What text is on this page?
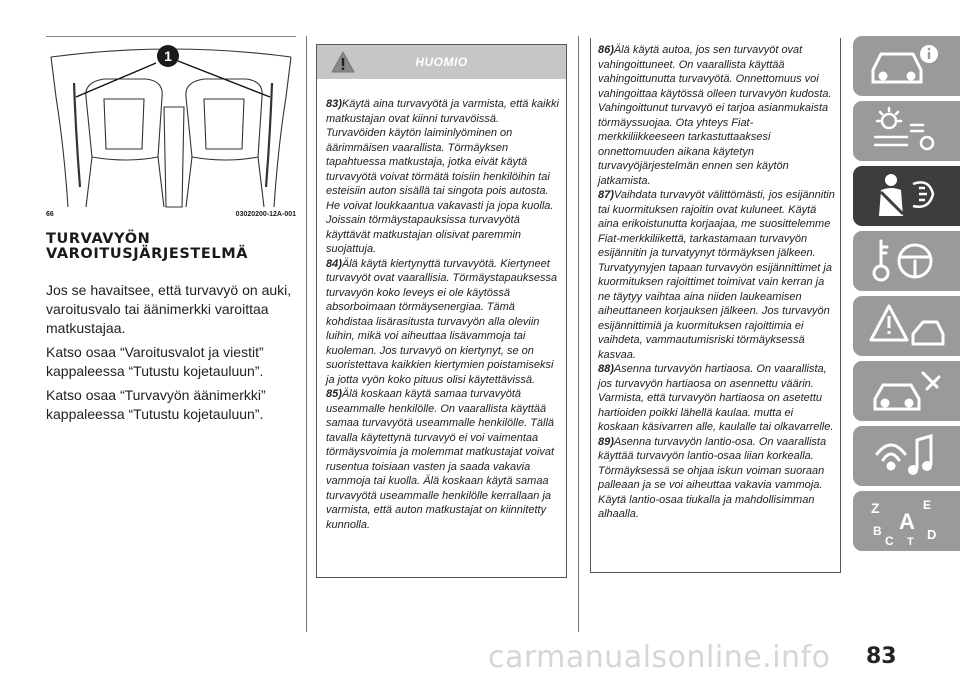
1
66	03020200-12A-001
TURVAVYÖN
VAROITUSJÄRJESTELMÄ

Jos se havaitsee, että turvavyö on auki, varoitusvalo tai äänimerkki varoittaa matkustajaa.

Katso osaa “Varoitusvalot ja viestit” kappaleessa “Tutustu kojetauluun”.

Katso osaa “Turvavyön äänimerkki” kappaleessa “Tutustu kojetauluun”.

HUOMIO

83)Käytä aina turvavyötä ja varmista, että kaikki matkustajan ovat kiinni turvavöissä. Turvavöiden käytön laiminlyöminen on äärimmäisen vaarallista. Törmäyksen tapahtuessa matkustaja, jotka eivät käytä turvavyötä voivat törmätä toisiin henkilöihin tai esteisiin auton sisällä tai singota pois autosta. He voivat loukkaantua vakavasti ja jopa kuolla. Joissain törmäystapauksissa turvavyötä käyttävät matkustajan olisivat paremmin suojattuja.

84)Älä käytä kiertynyttä turvavyötä. Kiertyneet turvavyöt ovat vaarallisia. Törmäystapauksessa turvavyön koko leveys ei ole käytössä absorboimaan törmäysenergiaa. Tämä kohdistaa lisärasitusta turvavyön alla oleviin luihin, mikä voi aiheuttaa lisävammoja tai kuoleman. Jos turvavyö on kiertynyt, se on suoristettava kaikkien kiertymien poistamiseksi ja jotta vyön koko pituus olisi käytettävissä.

85)Älä koskaan käytä samaa turvavyötä useammalle henkilölle. On vaarallista käyttää samaa turvavyötä useammalle henkilölle. Tällä tavalla käytettynä turvavyö ei voi vaimentaa törmäysvoimia ja molemmat matkustajat voivat rusentua toisiaan vasten ja saada vakavia vammoja tai kuolla. Älä koskaan käytä samaa turvavyötä useammalle henkilölle kerrallaan ja varmista, että auton matkustajat on kiinnitetty kunnolla.

86)Älä käytä autoa, jos sen turvavyöt ovat vahingoittuneet. On vaarallista käyttää vahingoittunutta turvavyötä. Onnettomuus voi vahingoittaa käytössä olleen turvavyön kudosta. Vahingoittunut turvavyö ei tarjoa asianmukaista törmäyssuojaa. Ota yhteys Fiat-merkkiliikkeeseen tarkastuttaaksesi onnettomuuden aikana käytetyn turvavyöjärjestelmän ennen sen käytön jatkamista.

87)Vaihdata turvavyöt välittömästi, jos esijännitin tai kuormituksen rajoitin ovat kuluneet. Käytä aina erikoistunutta korjaajaa, me suosittelemme Fiat-merkkiliikettä, tarkastamaan turvavyön esijännitin ja turvatyynyt törmäyksen jälkeen. Turvatyynyjen tapaan turvavyön esijännittimet ja kuormituksen rajoittimet toimivat vain kerran ja ne täytyy vaihtaa aina niiden laukeamisen aiheuttaneen korjauksen jälkeen. Jos turvavyön esijännittimiä ja kuormituksen rajoittimia ei vaihdeta, vammautumisriski törmäyksessä kasvaa.

88)Asenna turvavyön hartiaosa. On vaarallista, jos turvavyön hartiaosa on asennettu väärin. Varmista, että turvavyön hartiaosa on asetettu hartioiden poikki lähellä kaulaa. mutta ei koskaan käsivarren alle, kaulalle tai olkavarrelle.

89)Asenna turvavyön lantio-osa. On vaarallista käyttää turvavyön lantio-osaa liian korkealla. Törmäyksessä se ohjaa iskun voiman suoraan palleaan ja se voi aiheuttaa vakavia vammoja. Käytä lantio-osaa tiukalla ja mahdollisimman alhaalla.	Z	E
A
B
C T D
carmanualsonline.info 83
